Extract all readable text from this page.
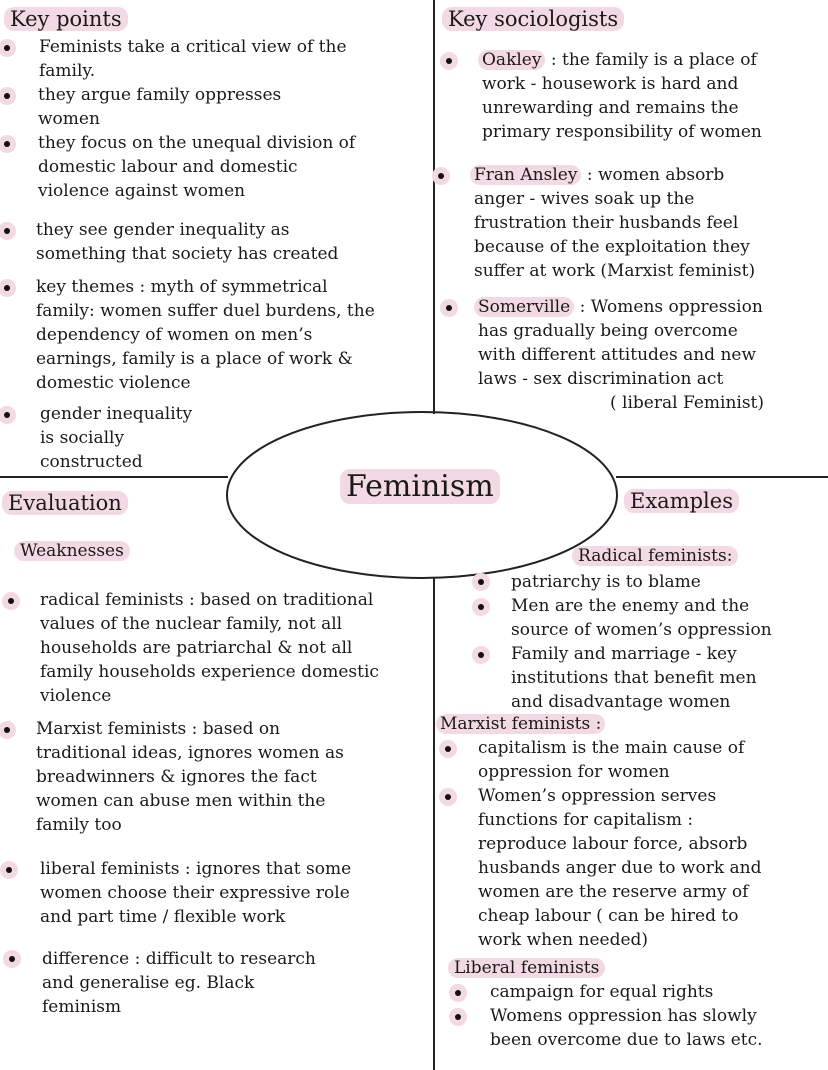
Feminism
Key points
Feminists take a critical view of the
family.
they argue family oppresses
women
they focus on the unequal division of
domestic labour and domestic
violence against women
they see gender inequality as
something that society has created
key themes : myth of symmetrical
family: women suffer duel burdens, the
dependency of women on men’s
earnings, family is a place of work &
domestic violence
gender inequality
is socially
constructed
Key sociologists
Oakley : the family is a place of
work - housework is hard and
unrewarding and remains the
primary responsibility of women
Fran Ansley : women absorb
anger - wives soak up the
frustration their husbands feel
because of the exploitation they
suffer at work (Marxist feminist)
Somerville : Womens oppression
has gradually being overcome
with different attitudes and new
laws - sex discrimination act
( liberal Feminist)
Evaluation
Weaknesses
radical feminists : based on traditional
values of the nuclear family, not all
households are patriarchal & not all
family households experience domestic
violence
Marxist feminists : based on
traditional ideas, ignores women as
breadwinners & ignores the fact
women can abuse men within the
family too
liberal feminists : ignores that some
women choose their expressive role
and part time / flexible work
difference : difficult to research
and generalise eg. Black
feminism
Examples
Radical feminists:
patriarchy is to blame
Men are the enemy and the
source of women’s oppression
Family and marriage - key
institutions that benefit men
and disadvantage women
Marxist feminists :
capitalism is the main cause of
oppression for women
Women’s oppression serves
functions for capitalism :
reproduce labour force, absorb
husbands anger due to work and
women are the reserve army of
cheap labour ( can be hired to
work when needed)
Liberal feminists
campaign for equal rights
Womens oppression has slowly
been overcome due to laws etc.
